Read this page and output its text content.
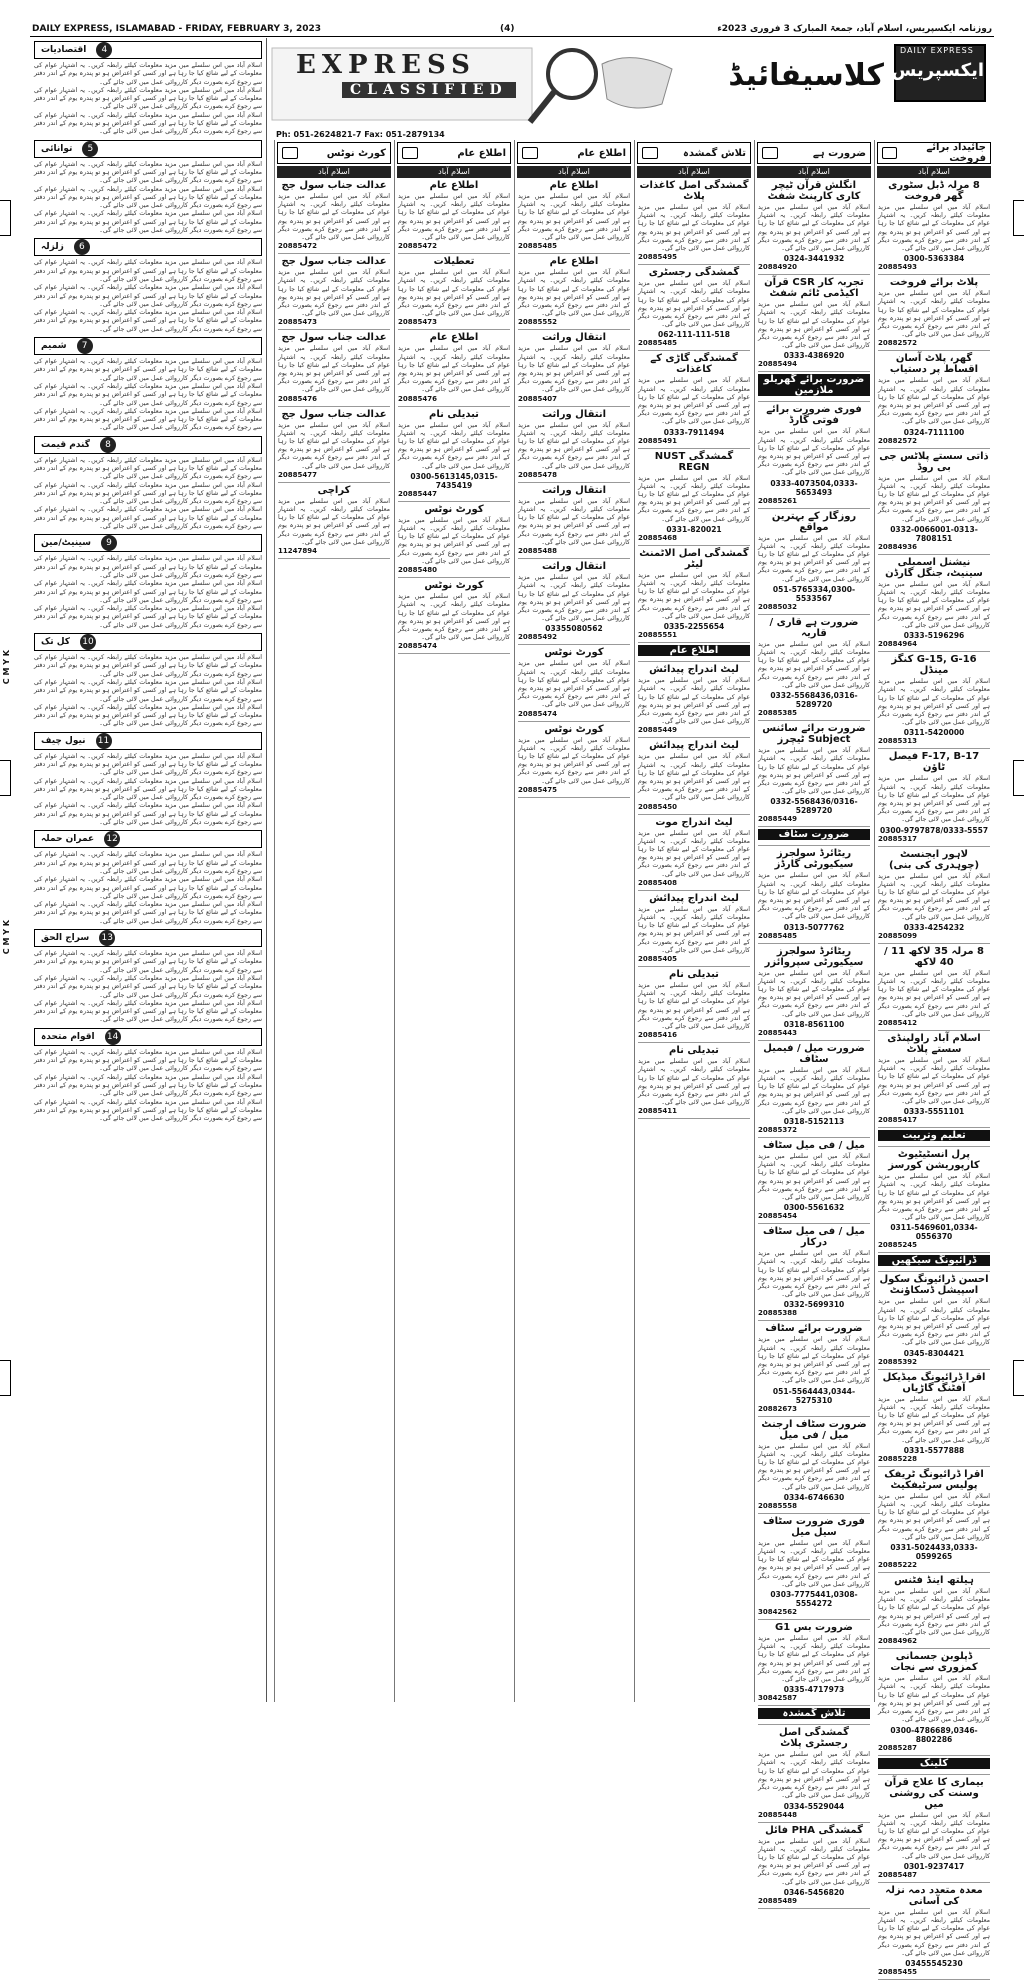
DAILY EXPRESS, ISLAMABAD - FRIDAY, FEBRUARY 3, 2023	(4)	روزنامہ ایکسپریس، اسلام آباد، جمعۃ المبارک 3 فروری 2023ء
4
اقتصادیات
اسلام آباد میں اس سلسلے میں مزید معلومات کیلئے رابطہ کریں۔ یہ اشتہار عوام کی معلومات کے لیے شائع کیا جا رہا ہے اور کسی کو اعتراض ہو تو پندرہ یوم کے اندر دفتر سے رجوع کرے بصورت دیگر کارروائی عمل میں لائی جائے گی۔
اسلام آباد میں اس سلسلے میں مزید معلومات کیلئے رابطہ کریں۔ یہ اشتہار عوام کی معلومات کے لیے شائع کیا جا رہا ہے اور کسی کو اعتراض ہو تو پندرہ یوم کے اندر دفتر سے رجوع کرے بصورت دیگر کارروائی عمل میں لائی جائے گی۔
اسلام آباد میں اس سلسلے میں مزید معلومات کیلئے رابطہ کریں۔ یہ اشتہار عوام کی معلومات کے لیے شائع کیا جا رہا ہے اور کسی کو اعتراض ہو تو پندرہ یوم کے اندر دفتر سے رجوع کرے بصورت دیگر کارروائی عمل میں لائی جائے گی۔
5
توانائی
اسلام آباد میں اس سلسلے میں مزید معلومات کیلئے رابطہ کریں۔ یہ اشتہار عوام کی معلومات کے لیے شائع کیا جا رہا ہے اور کسی کو اعتراض ہو تو پندرہ یوم کے اندر دفتر سے رجوع کرے بصورت دیگر کارروائی عمل میں لائی جائے گی۔
اسلام آباد میں اس سلسلے میں مزید معلومات کیلئے رابطہ کریں۔ یہ اشتہار عوام کی معلومات کے لیے شائع کیا جا رہا ہے اور کسی کو اعتراض ہو تو پندرہ یوم کے اندر دفتر سے رجوع کرے بصورت دیگر کارروائی عمل میں لائی جائے گی۔
اسلام آباد میں اس سلسلے میں مزید معلومات کیلئے رابطہ کریں۔ یہ اشتہار عوام کی معلومات کے لیے شائع کیا جا رہا ہے اور کسی کو اعتراض ہو تو پندرہ یوم کے اندر دفتر سے رجوع کرے بصورت دیگر کارروائی عمل میں لائی جائے گی۔
6
زلزلہ
اسلام آباد میں اس سلسلے میں مزید معلومات کیلئے رابطہ کریں۔ یہ اشتہار عوام کی معلومات کے لیے شائع کیا جا رہا ہے اور کسی کو اعتراض ہو تو پندرہ یوم کے اندر دفتر سے رجوع کرے بصورت دیگر کارروائی عمل میں لائی جائے گی۔
اسلام آباد میں اس سلسلے میں مزید معلومات کیلئے رابطہ کریں۔ یہ اشتہار عوام کی معلومات کے لیے شائع کیا جا رہا ہے اور کسی کو اعتراض ہو تو پندرہ یوم کے اندر دفتر سے رجوع کرے بصورت دیگر کارروائی عمل میں لائی جائے گی۔
اسلام آباد میں اس سلسلے میں مزید معلومات کیلئے رابطہ کریں۔ یہ اشتہار عوام کی معلومات کے لیے شائع کیا جا رہا ہے اور کسی کو اعتراض ہو تو پندرہ یوم کے اندر دفتر سے رجوع کرے بصورت دیگر کارروائی عمل میں لائی جائے گی۔
7
شمیم
اسلام آباد میں اس سلسلے میں مزید معلومات کیلئے رابطہ کریں۔ یہ اشتہار عوام کی معلومات کے لیے شائع کیا جا رہا ہے اور کسی کو اعتراض ہو تو پندرہ یوم کے اندر دفتر سے رجوع کرے بصورت دیگر کارروائی عمل میں لائی جائے گی۔
اسلام آباد میں اس سلسلے میں مزید معلومات کیلئے رابطہ کریں۔ یہ اشتہار عوام کی معلومات کے لیے شائع کیا جا رہا ہے اور کسی کو اعتراض ہو تو پندرہ یوم کے اندر دفتر سے رجوع کرے بصورت دیگر کارروائی عمل میں لائی جائے گی۔
اسلام آباد میں اس سلسلے میں مزید معلومات کیلئے رابطہ کریں۔ یہ اشتہار عوام کی معلومات کے لیے شائع کیا جا رہا ہے اور کسی کو اعتراض ہو تو پندرہ یوم کے اندر دفتر سے رجوع کرے بصورت دیگر کارروائی عمل میں لائی جائے گی۔
8
گندم قیمت
اسلام آباد میں اس سلسلے میں مزید معلومات کیلئے رابطہ کریں۔ یہ اشتہار عوام کی معلومات کے لیے شائع کیا جا رہا ہے اور کسی کو اعتراض ہو تو پندرہ یوم کے اندر دفتر سے رجوع کرے بصورت دیگر کارروائی عمل میں لائی جائے گی۔
اسلام آباد میں اس سلسلے میں مزید معلومات کیلئے رابطہ کریں۔ یہ اشتہار عوام کی معلومات کے لیے شائع کیا جا رہا ہے اور کسی کو اعتراض ہو تو پندرہ یوم کے اندر دفتر سے رجوع کرے بصورت دیگر کارروائی عمل میں لائی جائے گی۔
اسلام آباد میں اس سلسلے میں مزید معلومات کیلئے رابطہ کریں۔ یہ اشتہار عوام کی معلومات کے لیے شائع کیا جا رہا ہے اور کسی کو اعتراض ہو تو پندرہ یوم کے اندر دفتر سے رجوع کرے بصورت دیگر کارروائی عمل میں لائی جائے گی۔
9
سینیٹ/مین
اسلام آباد میں اس سلسلے میں مزید معلومات کیلئے رابطہ کریں۔ یہ اشتہار عوام کی معلومات کے لیے شائع کیا جا رہا ہے اور کسی کو اعتراض ہو تو پندرہ یوم کے اندر دفتر سے رجوع کرے بصورت دیگر کارروائی عمل میں لائی جائے گی۔
اسلام آباد میں اس سلسلے میں مزید معلومات کیلئے رابطہ کریں۔ یہ اشتہار عوام کی معلومات کے لیے شائع کیا جا رہا ہے اور کسی کو اعتراض ہو تو پندرہ یوم کے اندر دفتر سے رجوع کرے بصورت دیگر کارروائی عمل میں لائی جائے گی۔
اسلام آباد میں اس سلسلے میں مزید معلومات کیلئے رابطہ کریں۔ یہ اشتہار عوام کی معلومات کے لیے شائع کیا جا رہا ہے اور کسی کو اعتراض ہو تو پندرہ یوم کے اندر دفتر سے رجوع کرے بصورت دیگر کارروائی عمل میں لائی جائے گی۔
10
کل تک
اسلام آباد میں اس سلسلے میں مزید معلومات کیلئے رابطہ کریں۔ یہ اشتہار عوام کی معلومات کے لیے شائع کیا جا رہا ہے اور کسی کو اعتراض ہو تو پندرہ یوم کے اندر دفتر سے رجوع کرے بصورت دیگر کارروائی عمل میں لائی جائے گی۔
اسلام آباد میں اس سلسلے میں مزید معلومات کیلئے رابطہ کریں۔ یہ اشتہار عوام کی معلومات کے لیے شائع کیا جا رہا ہے اور کسی کو اعتراض ہو تو پندرہ یوم کے اندر دفتر سے رجوع کرے بصورت دیگر کارروائی عمل میں لائی جائے گی۔
اسلام آباد میں اس سلسلے میں مزید معلومات کیلئے رابطہ کریں۔ یہ اشتہار عوام کی معلومات کے لیے شائع کیا جا رہا ہے اور کسی کو اعتراض ہو تو پندرہ یوم کے اندر دفتر سے رجوع کرے بصورت دیگر کارروائی عمل میں لائی جائے گی۔
11
نیول چیف
اسلام آباد میں اس سلسلے میں مزید معلومات کیلئے رابطہ کریں۔ یہ اشتہار عوام کی معلومات کے لیے شائع کیا جا رہا ہے اور کسی کو اعتراض ہو تو پندرہ یوم کے اندر دفتر سے رجوع کرے بصورت دیگر کارروائی عمل میں لائی جائے گی۔
اسلام آباد میں اس سلسلے میں مزید معلومات کیلئے رابطہ کریں۔ یہ اشتہار عوام کی معلومات کے لیے شائع کیا جا رہا ہے اور کسی کو اعتراض ہو تو پندرہ یوم کے اندر دفتر سے رجوع کرے بصورت دیگر کارروائی عمل میں لائی جائے گی۔
اسلام آباد میں اس سلسلے میں مزید معلومات کیلئے رابطہ کریں۔ یہ اشتہار عوام کی معلومات کے لیے شائع کیا جا رہا ہے اور کسی کو اعتراض ہو تو پندرہ یوم کے اندر دفتر سے رجوع کرے بصورت دیگر کارروائی عمل میں لائی جائے گی۔
12
عمران حملہ
اسلام آباد میں اس سلسلے میں مزید معلومات کیلئے رابطہ کریں۔ یہ اشتہار عوام کی معلومات کے لیے شائع کیا جا رہا ہے اور کسی کو اعتراض ہو تو پندرہ یوم کے اندر دفتر سے رجوع کرے بصورت دیگر کارروائی عمل میں لائی جائے گی۔
اسلام آباد میں اس سلسلے میں مزید معلومات کیلئے رابطہ کریں۔ یہ اشتہار عوام کی معلومات کے لیے شائع کیا جا رہا ہے اور کسی کو اعتراض ہو تو پندرہ یوم کے اندر دفتر سے رجوع کرے بصورت دیگر کارروائی عمل میں لائی جائے گی۔
اسلام آباد میں اس سلسلے میں مزید معلومات کیلئے رابطہ کریں۔ یہ اشتہار عوام کی معلومات کے لیے شائع کیا جا رہا ہے اور کسی کو اعتراض ہو تو پندرہ یوم کے اندر دفتر سے رجوع کرے بصورت دیگر کارروائی عمل میں لائی جائے گی۔
13
سراج الحق
اسلام آباد میں اس سلسلے میں مزید معلومات کیلئے رابطہ کریں۔ یہ اشتہار عوام کی معلومات کے لیے شائع کیا جا رہا ہے اور کسی کو اعتراض ہو تو پندرہ یوم کے اندر دفتر سے رجوع کرے بصورت دیگر کارروائی عمل میں لائی جائے گی۔
اسلام آباد میں اس سلسلے میں مزید معلومات کیلئے رابطہ کریں۔ یہ اشتہار عوام کی معلومات کے لیے شائع کیا جا رہا ہے اور کسی کو اعتراض ہو تو پندرہ یوم کے اندر دفتر سے رجوع کرے بصورت دیگر کارروائی عمل میں لائی جائے گی۔
اسلام آباد میں اس سلسلے میں مزید معلومات کیلئے رابطہ کریں۔ یہ اشتہار عوام کی معلومات کے لیے شائع کیا جا رہا ہے اور کسی کو اعتراض ہو تو پندرہ یوم کے اندر دفتر سے رجوع کرے بصورت دیگر کارروائی عمل میں لائی جائے گی۔
14
اقوام متحدہ
اسلام آباد میں اس سلسلے میں مزید معلومات کیلئے رابطہ کریں۔ یہ اشتہار عوام کی معلومات کے لیے شائع کیا جا رہا ہے اور کسی کو اعتراض ہو تو پندرہ یوم کے اندر دفتر سے رجوع کرے بصورت دیگر کارروائی عمل میں لائی جائے گی۔
اسلام آباد میں اس سلسلے میں مزید معلومات کیلئے رابطہ کریں۔ یہ اشتہار عوام کی معلومات کے لیے شائع کیا جا رہا ہے اور کسی کو اعتراض ہو تو پندرہ یوم کے اندر دفتر سے رجوع کرے بصورت دیگر کارروائی عمل میں لائی جائے گی۔
اسلام آباد میں اس سلسلے میں مزید معلومات کیلئے رابطہ کریں۔ یہ اشتہار عوام کی معلومات کے لیے شائع کیا جا رہا ہے اور کسی کو اعتراض ہو تو پندرہ یوم کے اندر دفتر سے رجوع کرے بصورت دیگر کارروائی عمل میں لائی جائے گی۔
EXPRESS
CLASSIFIED	کلاسیفائیڈ
DAILY EXPRESS
ایکسپریس
Ph: 051-2624821-7 Fax: 051-2879134
جائیداد برائے فروخت
اسلام آباد
8 مرلہ ڈبل سٹوری گھر فروخت
اسلام آباد میں اس سلسلے میں مزید معلومات کیلئے رابطہ کریں۔ یہ اشتہار عوام کی معلومات کے لیے شائع کیا جا رہا ہے اور کسی کو اعتراض ہو تو پندرہ یوم کے اندر دفتر سے رجوع کرے بصورت دیگر کارروائی عمل میں لائی جائے گی۔
0300-5363384
20885493
پلاٹ برائے فروخت
اسلام آباد میں اس سلسلے میں مزید معلومات کیلئے رابطہ کریں۔ یہ اشتہار عوام کی معلومات کے لیے شائع کیا جا رہا ہے اور کسی کو اعتراض ہو تو پندرہ یوم کے اندر دفتر سے رجوع کرے بصورت دیگر کارروائی عمل میں لائی جائے گی۔
20882572
گھر، پلاٹ آسان اقساط پر دستیاب
اسلام آباد میں اس سلسلے میں مزید معلومات کیلئے رابطہ کریں۔ یہ اشتہار عوام کی معلومات کے لیے شائع کیا جا رہا ہے اور کسی کو اعتراض ہو تو پندرہ یوم کے اندر دفتر سے رجوع کرے بصورت دیگر کارروائی عمل میں لائی جائے گی۔
0324-7111100
20882572
ذاتی سستے پلاٹس جی بی روڈ
اسلام آباد میں اس سلسلے میں مزید معلومات کیلئے رابطہ کریں۔ یہ اشتہار عوام کی معلومات کے لیے شائع کیا جا رہا ہے اور کسی کو اعتراض ہو تو پندرہ یوم کے اندر دفتر سے رجوع کرے بصورت دیگر کارروائی عمل میں لائی جائے گی۔
0332-0066001-0313-7808151
20884936
نیشنل اسمبلی سینیٹ، جنگل گارڈن
اسلام آباد میں اس سلسلے میں مزید معلومات کیلئے رابطہ کریں۔ یہ اشتہار عوام کی معلومات کے لیے شائع کیا جا رہا ہے اور کسی کو اعتراض ہو تو پندرہ یوم کے اندر دفتر سے رجوع کرے بصورت دیگر کارروائی عمل میں لائی جائے گی۔
0333-5196296
20884964
G-15, G-16 کنگز مینڈل
اسلام آباد میں اس سلسلے میں مزید معلومات کیلئے رابطہ کریں۔ یہ اشتہار عوام کی معلومات کے لیے شائع کیا جا رہا ہے اور کسی کو اعتراض ہو تو پندرہ یوم کے اندر دفتر سے رجوع کرے بصورت دیگر کارروائی عمل میں لائی جائے گی۔
0311-5420000
20885313
F-17, B-17 فیصل ٹاؤن
اسلام آباد میں اس سلسلے میں مزید معلومات کیلئے رابطہ کریں۔ یہ اشتہار عوام کی معلومات کے لیے شائع کیا جا رہا ہے اور کسی کو اعتراض ہو تو پندرہ یوم کے اندر دفتر سے رجوع کرے بصورت دیگر کارروائی عمل میں لائی جائے گی۔
0300-9797878/0333-5557
20885317
لاہور ایجنسٹ (چوہدری کی بنی)
اسلام آباد میں اس سلسلے میں مزید معلومات کیلئے رابطہ کریں۔ یہ اشتہار عوام کی معلومات کے لیے شائع کیا جا رہا ہے اور کسی کو اعتراض ہو تو پندرہ یوم کے اندر دفتر سے رجوع کرے بصورت دیگر کارروائی عمل میں لائی جائے گی۔
0333-4254232
20885099
8 مرلہ 35 لاکھ 11 / 40 لاکھ
اسلام آباد میں اس سلسلے میں مزید معلومات کیلئے رابطہ کریں۔ یہ اشتہار عوام کی معلومات کے لیے شائع کیا جا رہا ہے اور کسی کو اعتراض ہو تو پندرہ یوم کے اندر دفتر سے رجوع کرے بصورت دیگر کارروائی عمل میں لائی جائے گی۔
20885412
اسلام آباد راولپنڈی سستے پلاٹ
اسلام آباد میں اس سلسلے میں مزید معلومات کیلئے رابطہ کریں۔ یہ اشتہار عوام کی معلومات کے لیے شائع کیا جا رہا ہے اور کسی کو اعتراض ہو تو پندرہ یوم کے اندر دفتر سے رجوع کرے بصورت دیگر کارروائی عمل میں لائی جائے گی۔
0333-5551101
20885417
تعلیم وتربیت
پرل انسٹیٹیوٹ کارپوریشن کورسز
اسلام آباد میں اس سلسلے میں مزید معلومات کیلئے رابطہ کریں۔ یہ اشتہار عوام کی معلومات کے لیے شائع کیا جا رہا ہے اور کسی کو اعتراض ہو تو پندرہ یوم کے اندر دفتر سے رجوع کرے بصورت دیگر کارروائی عمل میں لائی جائے گی۔
0311-5469601,0334-0556370
20885245
ڈرائیونگ سیکھیں
احسن ڈرائیونگ سکول اسپیشل ڈسکاؤنٹ
اسلام آباد میں اس سلسلے میں مزید معلومات کیلئے رابطہ کریں۔ یہ اشتہار عوام کی معلومات کے لیے شائع کیا جا رہا ہے اور کسی کو اعتراض ہو تو پندرہ یوم کے اندر دفتر سے رجوع کرے بصورت دیگر کارروائی عمل میں لائی جائے گی۔
0345-8304421
20885392
اقرا ڈرائیونگ میڈیکل آفٹنگ گاڑیاں
اسلام آباد میں اس سلسلے میں مزید معلومات کیلئے رابطہ کریں۔ یہ اشتہار عوام کی معلومات کے لیے شائع کیا جا رہا ہے اور کسی کو اعتراض ہو تو پندرہ یوم کے اندر دفتر سے رجوع کرے بصورت دیگر کارروائی عمل میں لائی جائے گی۔
0331-5577888
20885228
اقرا ڈرائیونگ ٹریفک پولیس سرٹیفکیٹ
اسلام آباد میں اس سلسلے میں مزید معلومات کیلئے رابطہ کریں۔ یہ اشتہار عوام کی معلومات کے لیے شائع کیا جا رہا ہے اور کسی کو اعتراض ہو تو پندرہ یوم کے اندر دفتر سے رجوع کرے بصورت دیگر کارروائی عمل میں لائی جائے گی۔
0331-5024433,0333-0599265
20885222
ہیلتھ اینڈ فٹنس
اسلام آباد میں اس سلسلے میں مزید معلومات کیلئے رابطہ کریں۔ یہ اشتہار عوام کی معلومات کے لیے شائع کیا جا رہا ہے اور کسی کو اعتراض ہو تو پندرہ یوم کے اندر دفتر سے رجوع کرے بصورت دیگر کارروائی عمل میں لائی جائے گی۔
20884962
ڈپلوبن جسمانی کمزوری سے نجات
اسلام آباد میں اس سلسلے میں مزید معلومات کیلئے رابطہ کریں۔ یہ اشتہار عوام کی معلومات کے لیے شائع کیا جا رہا ہے اور کسی کو اعتراض ہو تو پندرہ یوم کے اندر دفتر سے رجوع کرے بصورت دیگر کارروائی عمل میں لائی جائے گی۔
0300-4786689,0346-8802286
20885287
کلینک
بیماری کا علاج قرآن وسنت کی روشنی میں
اسلام آباد میں اس سلسلے میں مزید معلومات کیلئے رابطہ کریں۔ یہ اشتہار عوام کی معلومات کے لیے شائع کیا جا رہا ہے اور کسی کو اعتراض ہو تو پندرہ یوم کے اندر دفتر سے رجوع کرے بصورت دیگر کارروائی عمل میں لائی جائے گی۔
0301-9237417
20885487
معدہ متعدد دمہ نزلہ کی آسانی
اسلام آباد میں اس سلسلے میں مزید معلومات کیلئے رابطہ کریں۔ یہ اشتہار عوام کی معلومات کے لیے شائع کیا جا رہا ہے اور کسی کو اعتراض ہو تو پندرہ یوم کے اندر دفتر سے رجوع کرے بصورت دیگر کارروائی عمل میں لائی جائے گی۔
03455545230
20885455
ضرورت ہے
اسلام آباد
انگلش قرآن ٹیچر کاری کارپنٹ شفٹ
اسلام آباد میں اس سلسلے میں مزید معلومات کیلئے رابطہ کریں۔ یہ اشتہار عوام کی معلومات کے لیے شائع کیا جا رہا ہے اور کسی کو اعتراض ہو تو پندرہ یوم کے اندر دفتر سے رجوع کرے بصورت دیگر کارروائی عمل میں لائی جائے گی۔
0324-3441932
20884920
تجربہ کار CSR قرآن اکیڈمی ٹائم شفٹ
اسلام آباد میں اس سلسلے میں مزید معلومات کیلئے رابطہ کریں۔ یہ اشتہار عوام کی معلومات کے لیے شائع کیا جا رہا ہے اور کسی کو اعتراض ہو تو پندرہ یوم کے اندر دفتر سے رجوع کرے بصورت دیگر کارروائی عمل میں لائی جائے گی۔
0333-4386920
20885494
ضرورت برائے گھریلو ملازمین
فوری ضرورت برائے فوتی گارڈ
اسلام آباد میں اس سلسلے میں مزید معلومات کیلئے رابطہ کریں۔ یہ اشتہار عوام کی معلومات کے لیے شائع کیا جا رہا ہے اور کسی کو اعتراض ہو تو پندرہ یوم کے اندر دفتر سے رجوع کرے بصورت دیگر کارروائی عمل میں لائی جائے گی۔
0333-4073504,0333-5653493
20885261
روزگار کے بہترین مواقع
اسلام آباد میں اس سلسلے میں مزید معلومات کیلئے رابطہ کریں۔ یہ اشتہار عوام کی معلومات کے لیے شائع کیا جا رہا ہے اور کسی کو اعتراض ہو تو پندرہ یوم کے اندر دفتر سے رجوع کرے بصورت دیگر کارروائی عمل میں لائی جائے گی۔
051-5765334,0300-5533567
20885032
ضرورت ہے قاری / قاریہ
اسلام آباد میں اس سلسلے میں مزید معلومات کیلئے رابطہ کریں۔ یہ اشتہار عوام کی معلومات کے لیے شائع کیا جا رہا ہے اور کسی کو اعتراض ہو تو پندرہ یوم کے اندر دفتر سے رجوع کرے بصورت دیگر کارروائی عمل میں لائی جائے گی۔
0332-5568436,0316-5289720
20885385
ضرورت برائے سائنس Subject ٹیچرز
اسلام آباد میں اس سلسلے میں مزید معلومات کیلئے رابطہ کریں۔ یہ اشتہار عوام کی معلومات کے لیے شائع کیا جا رہا ہے اور کسی کو اعتراض ہو تو پندرہ یوم کے اندر دفتر سے رجوع کرے بصورت دیگر کارروائی عمل میں لائی جائے گی۔
0332-5568436/0316-5289720
20885449
ضرورت سٹاف
ریٹائرڈ سولجرز سیکیورٹی گارڈز
اسلام آباد میں اس سلسلے میں مزید معلومات کیلئے رابطہ کریں۔ یہ اشتہار عوام کی معلومات کے لیے شائع کیا جا رہا ہے اور کسی کو اعتراض ہو تو پندرہ یوم کے اندر دفتر سے رجوع کرے بصورت دیگر کارروائی عمل میں لائی جائے گی۔
0313-5077762
20885485
ریٹائرڈ سولجرز سیکیورٹی سپروائزر
اسلام آباد میں اس سلسلے میں مزید معلومات کیلئے رابطہ کریں۔ یہ اشتہار عوام کی معلومات کے لیے شائع کیا جا رہا ہے اور کسی کو اعتراض ہو تو پندرہ یوم کے اندر دفتر سے رجوع کرے بصورت دیگر کارروائی عمل میں لائی جائے گی۔
0318-8561100
20885443
ضرورت میل / فیمیل سٹاف
اسلام آباد میں اس سلسلے میں مزید معلومات کیلئے رابطہ کریں۔ یہ اشتہار عوام کی معلومات کے لیے شائع کیا جا رہا ہے اور کسی کو اعتراض ہو تو پندرہ یوم کے اندر دفتر سے رجوع کرے بصورت دیگر کارروائی عمل میں لائی جائے گی۔
0318-5152113
20885372
میل / فی میل سٹاف
اسلام آباد میں اس سلسلے میں مزید معلومات کیلئے رابطہ کریں۔ یہ اشتہار عوام کی معلومات کے لیے شائع کیا جا رہا ہے اور کسی کو اعتراض ہو تو پندرہ یوم کے اندر دفتر سے رجوع کرے بصورت دیگر کارروائی عمل میں لائی جائے گی۔
0300-5561632
20885454
میل / فی میل سٹاف درکار
اسلام آباد میں اس سلسلے میں مزید معلومات کیلئے رابطہ کریں۔ یہ اشتہار عوام کی معلومات کے لیے شائع کیا جا رہا ہے اور کسی کو اعتراض ہو تو پندرہ یوم کے اندر دفتر سے رجوع کرے بصورت دیگر کارروائی عمل میں لائی جائے گی۔
0332-5699310
20885388
ضرورت برائے سٹاف
اسلام آباد میں اس سلسلے میں مزید معلومات کیلئے رابطہ کریں۔ یہ اشتہار عوام کی معلومات کے لیے شائع کیا جا رہا ہے اور کسی کو اعتراض ہو تو پندرہ یوم کے اندر دفتر سے رجوع کرے بصورت دیگر کارروائی عمل میں لائی جائے گی۔
051-5564443,0344-5275310
20882673
ضرورت سٹاف ارجنٹ میل / فی میل
اسلام آباد میں اس سلسلے میں مزید معلومات کیلئے رابطہ کریں۔ یہ اشتہار عوام کی معلومات کے لیے شائع کیا جا رہا ہے اور کسی کو اعتراض ہو تو پندرہ یوم کے اندر دفتر سے رجوع کرے بصورت دیگر کارروائی عمل میں لائی جائے گی۔
0334-6746630
20885558
فوری ضرورت سٹاف سیل میل
اسلام آباد میں اس سلسلے میں مزید معلومات کیلئے رابطہ کریں۔ یہ اشتہار عوام کی معلومات کے لیے شائع کیا جا رہا ہے اور کسی کو اعتراض ہو تو پندرہ یوم کے اندر دفتر سے رجوع کرے بصورت دیگر کارروائی عمل میں لائی جائے گی۔
0303-7775441,0308-5554272
30842562
ضرورت بس G1
اسلام آباد میں اس سلسلے میں مزید معلومات کیلئے رابطہ کریں۔ یہ اشتہار عوام کی معلومات کے لیے شائع کیا جا رہا ہے اور کسی کو اعتراض ہو تو پندرہ یوم کے اندر دفتر سے رجوع کرے بصورت دیگر کارروائی عمل میں لائی جائے گی۔
0335-4717973
30842587
تلاش گمشدہ
گمشدگی اصل رجسٹری پلاٹ
اسلام آباد میں اس سلسلے میں مزید معلومات کیلئے رابطہ کریں۔ یہ اشتہار عوام کی معلومات کے لیے شائع کیا جا رہا ہے اور کسی کو اعتراض ہو تو پندرہ یوم کے اندر دفتر سے رجوع کرے بصورت دیگر کارروائی عمل میں لائی جائے گی۔
0334-5529044
20885448
گمشدگی PHA فائل
اسلام آباد میں اس سلسلے میں مزید معلومات کیلئے رابطہ کریں۔ یہ اشتہار عوام کی معلومات کے لیے شائع کیا جا رہا ہے اور کسی کو اعتراض ہو تو پندرہ یوم کے اندر دفتر سے رجوع کرے بصورت دیگر کارروائی عمل میں لائی جائے گی۔
0346-5456820
20885489
تلاش گمشدہ
اسلام آباد
گمشدگی اصل کاغذات پلاٹ
اسلام آباد میں اس سلسلے میں مزید معلومات کیلئے رابطہ کریں۔ یہ اشتہار عوام کی معلومات کے لیے شائع کیا جا رہا ہے اور کسی کو اعتراض ہو تو پندرہ یوم کے اندر دفتر سے رجوع کرے بصورت دیگر کارروائی عمل میں لائی جائے گی۔
20885495
گمشدگی رجسٹری
اسلام آباد میں اس سلسلے میں مزید معلومات کیلئے رابطہ کریں۔ یہ اشتہار عوام کی معلومات کے لیے شائع کیا جا رہا ہے اور کسی کو اعتراض ہو تو پندرہ یوم کے اندر دفتر سے رجوع کرے بصورت دیگر کارروائی عمل میں لائی جائے گی۔
062-111-111-518
20885485
گمشدگی گاڑی کے کاغذات
اسلام آباد میں اس سلسلے میں مزید معلومات کیلئے رابطہ کریں۔ یہ اشتہار عوام کی معلومات کے لیے شائع کیا جا رہا ہے اور کسی کو اعتراض ہو تو پندرہ یوم کے اندر دفتر سے رجوع کرے بصورت دیگر کارروائی عمل میں لائی جائے گی۔
0333-7911494
20885491
گمشدگی NUST REGN
اسلام آباد میں اس سلسلے میں مزید معلومات کیلئے رابطہ کریں۔ یہ اشتہار عوام کی معلومات کے لیے شائع کیا جا رہا ہے اور کسی کو اعتراض ہو تو پندرہ یوم کے اندر دفتر سے رجوع کرے بصورت دیگر کارروائی عمل میں لائی جائے گی۔
0331-820021
20885468
گمشدگی اصل الاٹمنٹ لیٹر
اسلام آباد میں اس سلسلے میں مزید معلومات کیلئے رابطہ کریں۔ یہ اشتہار عوام کی معلومات کے لیے شائع کیا جا رہا ہے اور کسی کو اعتراض ہو تو پندرہ یوم کے اندر دفتر سے رجوع کرے بصورت دیگر کارروائی عمل میں لائی جائے گی۔
0335-2255654
20885551
اطلاع عام
لیٹ اندراج پیدائش
اسلام آباد میں اس سلسلے میں مزید معلومات کیلئے رابطہ کریں۔ یہ اشتہار عوام کی معلومات کے لیے شائع کیا جا رہا ہے اور کسی کو اعتراض ہو تو پندرہ یوم کے اندر دفتر سے رجوع کرے بصورت دیگر کارروائی عمل میں لائی جائے گی۔
20885449
لیٹ اندراج پیدائش
اسلام آباد میں اس سلسلے میں مزید معلومات کیلئے رابطہ کریں۔ یہ اشتہار عوام کی معلومات کے لیے شائع کیا جا رہا ہے اور کسی کو اعتراض ہو تو پندرہ یوم کے اندر دفتر سے رجوع کرے بصورت دیگر کارروائی عمل میں لائی جائے گی۔
20885450
لیٹ اندراج موت
اسلام آباد میں اس سلسلے میں مزید معلومات کیلئے رابطہ کریں۔ یہ اشتہار عوام کی معلومات کے لیے شائع کیا جا رہا ہے اور کسی کو اعتراض ہو تو پندرہ یوم کے اندر دفتر سے رجوع کرے بصورت دیگر کارروائی عمل میں لائی جائے گی۔
20885408
لیٹ اندراج پیدائش
اسلام آباد میں اس سلسلے میں مزید معلومات کیلئے رابطہ کریں۔ یہ اشتہار عوام کی معلومات کے لیے شائع کیا جا رہا ہے اور کسی کو اعتراض ہو تو پندرہ یوم کے اندر دفتر سے رجوع کرے بصورت دیگر کارروائی عمل میں لائی جائے گی۔
20885405
تبدیلی نام
اسلام آباد میں اس سلسلے میں مزید معلومات کیلئے رابطہ کریں۔ یہ اشتہار عوام کی معلومات کے لیے شائع کیا جا رہا ہے اور کسی کو اعتراض ہو تو پندرہ یوم کے اندر دفتر سے رجوع کرے بصورت دیگر کارروائی عمل میں لائی جائے گی۔
20885416
تبدیلی نام
اسلام آباد میں اس سلسلے میں مزید معلومات کیلئے رابطہ کریں۔ یہ اشتہار عوام کی معلومات کے لیے شائع کیا جا رہا ہے اور کسی کو اعتراض ہو تو پندرہ یوم کے اندر دفتر سے رجوع کرے بصورت دیگر کارروائی عمل میں لائی جائے گی۔
20885411
اطلاع عام
اسلام آباد
اطلاع عام
اسلام آباد میں اس سلسلے میں مزید معلومات کیلئے رابطہ کریں۔ یہ اشتہار عوام کی معلومات کے لیے شائع کیا جا رہا ہے اور کسی کو اعتراض ہو تو پندرہ یوم کے اندر دفتر سے رجوع کرے بصورت دیگر کارروائی عمل میں لائی جائے گی۔
20885485
اطلاع عام
اسلام آباد میں اس سلسلے میں مزید معلومات کیلئے رابطہ کریں۔ یہ اشتہار عوام کی معلومات کے لیے شائع کیا جا رہا ہے اور کسی کو اعتراض ہو تو پندرہ یوم کے اندر دفتر سے رجوع کرے بصورت دیگر کارروائی عمل میں لائی جائے گی۔
20885552
انتقال وراثت
اسلام آباد میں اس سلسلے میں مزید معلومات کیلئے رابطہ کریں۔ یہ اشتہار عوام کی معلومات کے لیے شائع کیا جا رہا ہے اور کسی کو اعتراض ہو تو پندرہ یوم کے اندر دفتر سے رجوع کرے بصورت دیگر کارروائی عمل میں لائی جائے گی۔
20885407
انتقال وراثت
اسلام آباد میں اس سلسلے میں مزید معلومات کیلئے رابطہ کریں۔ یہ اشتہار عوام کی معلومات کے لیے شائع کیا جا رہا ہے اور کسی کو اعتراض ہو تو پندرہ یوم کے اندر دفتر سے رجوع کرے بصورت دیگر کارروائی عمل میں لائی جائے گی۔
20885478
انتقال وراثت
اسلام آباد میں اس سلسلے میں مزید معلومات کیلئے رابطہ کریں۔ یہ اشتہار عوام کی معلومات کے لیے شائع کیا جا رہا ہے اور کسی کو اعتراض ہو تو پندرہ یوم کے اندر دفتر سے رجوع کرے بصورت دیگر کارروائی عمل میں لائی جائے گی۔
20885488
انتقال وراثت
اسلام آباد میں اس سلسلے میں مزید معلومات کیلئے رابطہ کریں۔ یہ اشتہار عوام کی معلومات کے لیے شائع کیا جا رہا ہے اور کسی کو اعتراض ہو تو پندرہ یوم کے اندر دفتر سے رجوع کرے بصورت دیگر کارروائی عمل میں لائی جائے گی۔
03355080562
20885492
کورٹ نوٹس
اسلام آباد میں اس سلسلے میں مزید معلومات کیلئے رابطہ کریں۔ یہ اشتہار عوام کی معلومات کے لیے شائع کیا جا رہا ہے اور کسی کو اعتراض ہو تو پندرہ یوم کے اندر دفتر سے رجوع کرے بصورت دیگر کارروائی عمل میں لائی جائے گی۔
20885474
کورٹ نوٹس
اسلام آباد میں اس سلسلے میں مزید معلومات کیلئے رابطہ کریں۔ یہ اشتہار عوام کی معلومات کے لیے شائع کیا جا رہا ہے اور کسی کو اعتراض ہو تو پندرہ یوم کے اندر دفتر سے رجوع کرے بصورت دیگر کارروائی عمل میں لائی جائے گی۔
20885475
اطلاع عام
اسلام آباد
اطلاع عام
اسلام آباد میں اس سلسلے میں مزید معلومات کیلئے رابطہ کریں۔ یہ اشتہار عوام کی معلومات کے لیے شائع کیا جا رہا ہے اور کسی کو اعتراض ہو تو پندرہ یوم کے اندر دفتر سے رجوع کرے بصورت دیگر کارروائی عمل میں لائی جائے گی۔
20885472
تعطیلات
اسلام آباد میں اس سلسلے میں مزید معلومات کیلئے رابطہ کریں۔ یہ اشتہار عوام کی معلومات کے لیے شائع کیا جا رہا ہے اور کسی کو اعتراض ہو تو پندرہ یوم کے اندر دفتر سے رجوع کرے بصورت دیگر کارروائی عمل میں لائی جائے گی۔
20885473
اطلاع عام
اسلام آباد میں اس سلسلے میں مزید معلومات کیلئے رابطہ کریں۔ یہ اشتہار عوام کی معلومات کے لیے شائع کیا جا رہا ہے اور کسی کو اعتراض ہو تو پندرہ یوم کے اندر دفتر سے رجوع کرے بصورت دیگر کارروائی عمل میں لائی جائے گی۔
20885476
تبدیلی نام
اسلام آباد میں اس سلسلے میں مزید معلومات کیلئے رابطہ کریں۔ یہ اشتہار عوام کی معلومات کے لیے شائع کیا جا رہا ہے اور کسی کو اعتراض ہو تو پندرہ یوم کے اندر دفتر سے رجوع کرے بصورت دیگر کارروائی عمل میں لائی جائے گی۔
0300-5613145,0315-7435419
20885447
کورٹ نوٹس
اسلام آباد میں اس سلسلے میں مزید معلومات کیلئے رابطہ کریں۔ یہ اشتہار عوام کی معلومات کے لیے شائع کیا جا رہا ہے اور کسی کو اعتراض ہو تو پندرہ یوم کے اندر دفتر سے رجوع کرے بصورت دیگر کارروائی عمل میں لائی جائے گی۔
20885480
کورٹ نوٹس
اسلام آباد میں اس سلسلے میں مزید معلومات کیلئے رابطہ کریں۔ یہ اشتہار عوام کی معلومات کے لیے شائع کیا جا رہا ہے اور کسی کو اعتراض ہو تو پندرہ یوم کے اندر دفتر سے رجوع کرے بصورت دیگر کارروائی عمل میں لائی جائے گی۔
20885474
کورٹ نوٹس
اسلام آباد
عدالت جناب سول جج
اسلام آباد میں اس سلسلے میں مزید معلومات کیلئے رابطہ کریں۔ یہ اشتہار عوام کی معلومات کے لیے شائع کیا جا رہا ہے اور کسی کو اعتراض ہو تو پندرہ یوم کے اندر دفتر سے رجوع کرے بصورت دیگر کارروائی عمل میں لائی جائے گی۔
20885472
عدالت جناب سول جج
اسلام آباد میں اس سلسلے میں مزید معلومات کیلئے رابطہ کریں۔ یہ اشتہار عوام کی معلومات کے لیے شائع کیا جا رہا ہے اور کسی کو اعتراض ہو تو پندرہ یوم کے اندر دفتر سے رجوع کرے بصورت دیگر کارروائی عمل میں لائی جائے گی۔
20885473
عدالت جناب سول جج
اسلام آباد میں اس سلسلے میں مزید معلومات کیلئے رابطہ کریں۔ یہ اشتہار عوام کی معلومات کے لیے شائع کیا جا رہا ہے اور کسی کو اعتراض ہو تو پندرہ یوم کے اندر دفتر سے رجوع کرے بصورت دیگر کارروائی عمل میں لائی جائے گی۔
20885476
عدالت جناب سول جج
اسلام آباد میں اس سلسلے میں مزید معلومات کیلئے رابطہ کریں۔ یہ اشتہار عوام کی معلومات کے لیے شائع کیا جا رہا ہے اور کسی کو اعتراض ہو تو پندرہ یوم کے اندر دفتر سے رجوع کرے بصورت دیگر کارروائی عمل میں لائی جائے گی۔
20885477
کراچی
اسلام آباد میں اس سلسلے میں مزید معلومات کیلئے رابطہ کریں۔ یہ اشتہار عوام کی معلومات کے لیے شائع کیا جا رہا ہے اور کسی کو اعتراض ہو تو پندرہ یوم کے اندر دفتر سے رجوع کرے بصورت دیگر کارروائی عمل میں لائی جائے گی۔
11247894
C M Y K
C M Y K
